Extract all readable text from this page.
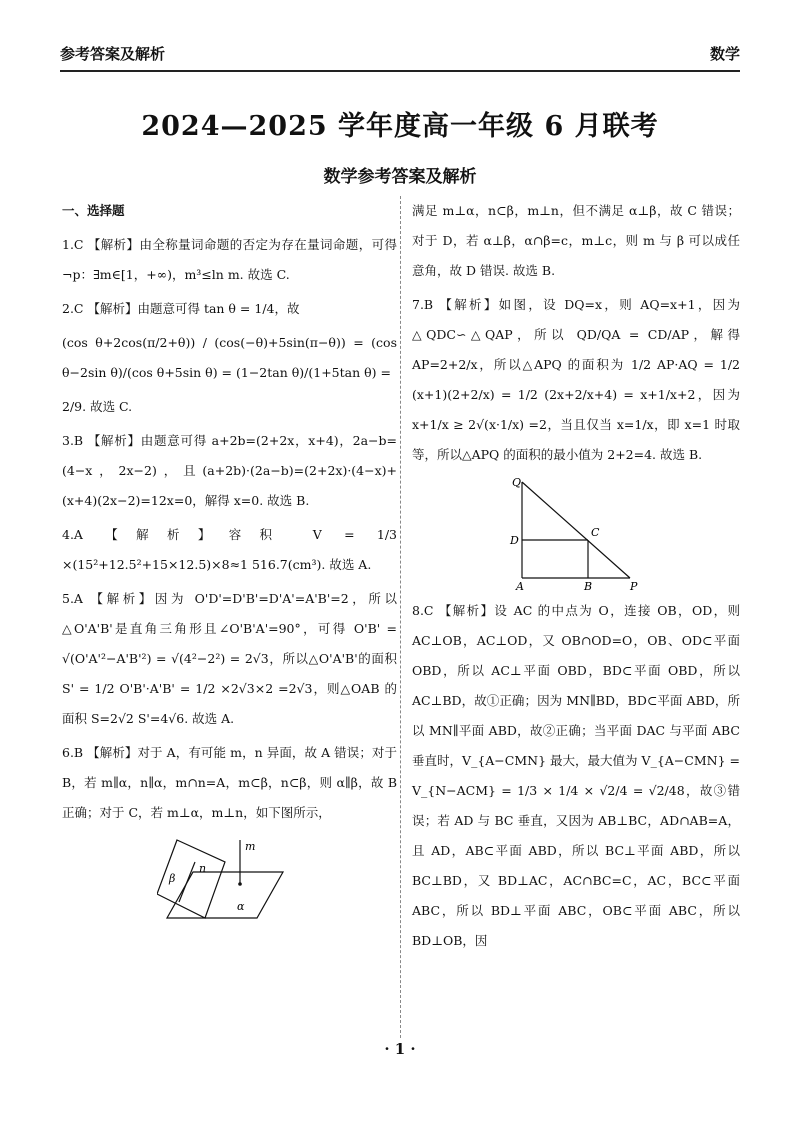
参考答案及解析	数学
2024—2025 学年度高一年级 6 月联考
数学参考答案及解析
一、选择题

1.C 【解析】由全称量词命题的否定为存在量词命题，可得¬p：∃m∈[1，+∞)，m³≤ln m. 故选 C.

2.C 【解析】由题意可得 tan θ = 1/4，故

(cos θ+2cos(π/2+θ)) / (cos(−θ)+5sin(π−θ)) = (cos θ−2sin θ)/(cos θ+5sin θ) = (1−2tan θ)/(1+5tan θ) =

2/9. 故选 C.

3.B 【解析】由题意可得 a+2b=(2+2x，x+4)，2a−b=(4−x，2x−2)，且(a+2b)·(2a−b)=(2+2x)·(4−x)+(x+4)(2x−2)=12x=0，解得 x=0. 故选 B.

4.A 【解析】容积 V = 1/3 ×(15²+12.5²+15×12.5)×8≈1 516.7(cm³). 故选 A.

5.A 【解析】因为 O'D'=D'B'=D'A'=A'B'=2，所以△O'A'B'是直角三角形且∠O'B'A'=90°，可得 O'B' = √(O'A'²−A'B'²) = √(4²−2²) = 2√3，所以△O'A'B'的面积 S' = 1/2 O'B'·A'B' = 1/2 ×2√3×2 =2√3，则△OAB 的面积 S=2√2 S'=4√6. 故选 A.

6.B 【解析】对于 A，有可能 m，n 异面，故 A 错误；对于 B，若 m∥α，n∥α，m∩n=A，m⊂β，n⊂β，则 α∥β，故 B 正确；对于 C，若 m⊥α，m⊥n，如下图所示，

m
n
β
α

满足 m⊥α，n⊂β，m⊥n，但不满足 α⊥β，故 C 错误；对于 D，若 α⊥β，α∩β=c，m⊥c，则 m 与 β 可以成任意角，故 D 错误. 故选 B.

7.B 【解析】如图，设 DQ=x，则 AQ=x+1，因为△QDC∽△QAP，所以 QD/QA = CD/AP，解得 AP=2+2/x，所以△APQ 的面积为 1/2 AP·AQ = 1/2 (x+1)(2+2/x) = 1/2 (2x+2/x+4) = x+1/x+2，因为 x+1/x ≥ 2√(x·1/x) =2，当且仅当 x=1/x，即 x=1 时取等，所以△APQ 的面积的最小值为 2+2=4. 故选 B.

Q
D
C
A	B	P

8.C 【解析】设 AC 的中点为 O，连接 OB，OD，则 AC⊥OB，AC⊥OD，又 OB∩OD=O，OB、OD⊂平面 OBD，所以 AC⊥平面 OBD，BD⊂平面 OBD，所以 AC⊥BD，故①正确；因为 MN∥BD，BD⊂平面 ABD，所以 MN∥平面 ABD，故②正确；当平面 DAC 与平面 ABC 垂直时，V_{A−CMN} 最大，最大值为 V_{A−CMN} = V_{N−ACM} = 1/3 × 1/4 × √2/4 = √2/48，故③错误；若 AD 与 BC 垂直，又因为 AB⊥BC，AD∩AB=A，且 AD，AB⊂平面 ABD，所以 BC⊥平面 ABD，所以 BC⊥BD，又 BD⊥AC，AC∩BC=C，AC，BC⊂平面 ABC，所以 BD⊥平面 ABC，OB⊂平面 ABC，所以 BD⊥OB，因

· 1 ·
